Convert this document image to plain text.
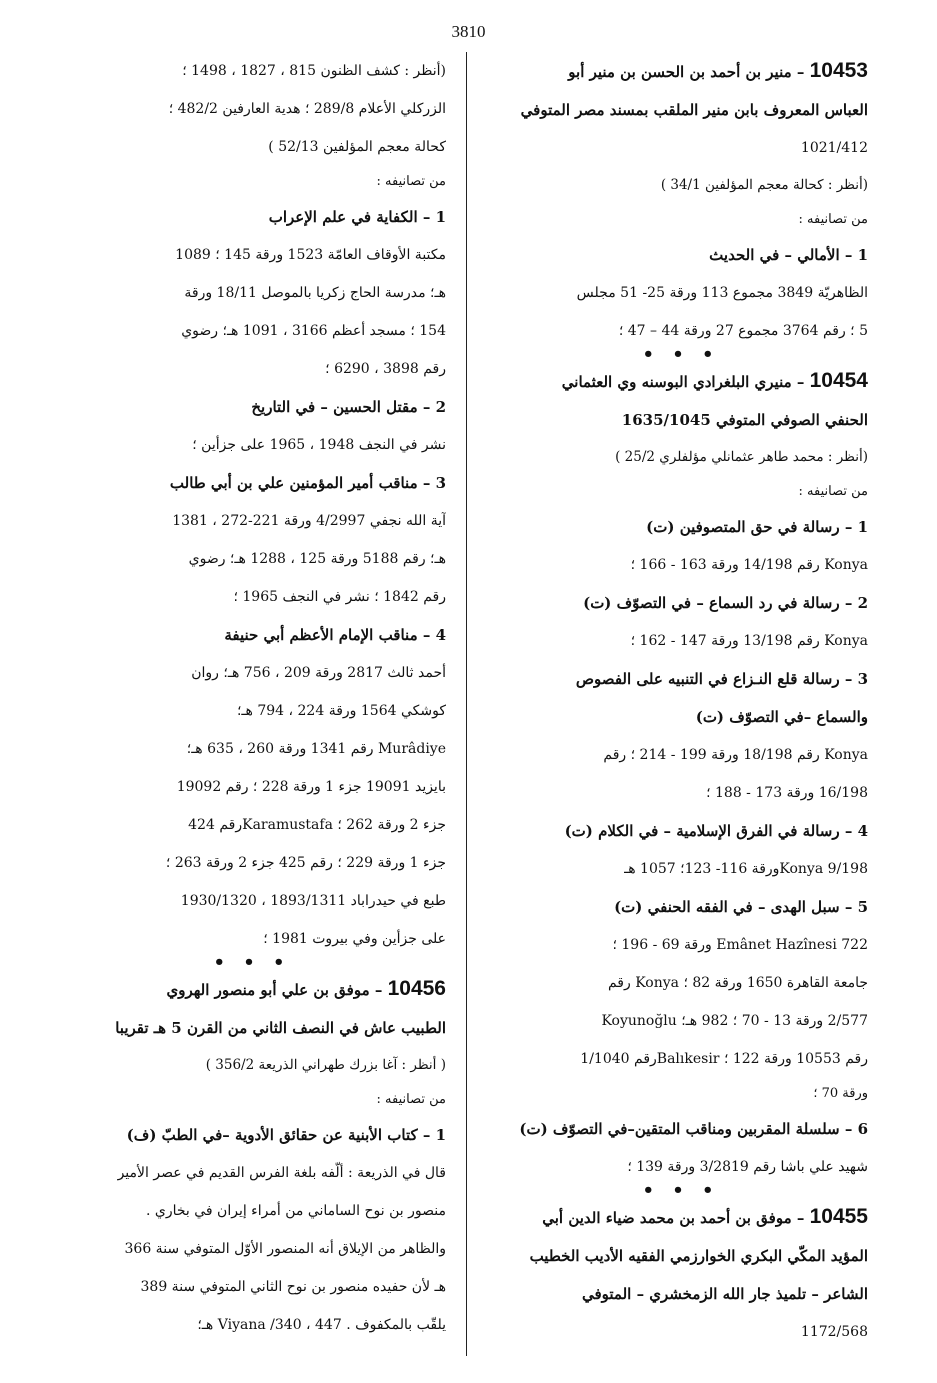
3810

10453 – منير بن أحمد بن الحسن بن منير أبو

العباس المعروف بابن منير الملقب بمسند مصر المتوفي

1021/412

(أنظر : كحالة معجم المؤلفين 34/1 )

من تصانيفه :

1 – الأمالي – في الحديث

الظاهريّة 3849 مجموع 113 ورقة 25- 51 مجلس

5 ؛ رقم 3764 مجموع 27 ورقة 44 – 47 ؛

• • •

10454 – منيري البلغرادي البوسنه وي العثماني

الحنفي الصوفي المتوفي 1635/1045

(أنظر : محمد طاهر عثمانلي مؤلفلري 25/2 )

من تصانيفه :

1 – رسالة في حق المتصوفين (ت)

Konya رقم 14/198 ورقة 163 - 166 ؛

2 – رسالة في رد السماع – في التصوّف (ت)

Konya رقم 13/198 ورقة 147 - 162 ؛

3 – رسالة قلع النـزاع في التنبيه على الفصوص

والسماع –في التصوّف (ت)

Konya رقم 18/198 ورقة 199 - 214 ؛ رقم

16/198 ورقة 173 - 188 ؛

4 – رسالة في الفرق الإسلامية – في الكلام (ت)

Konya 9/198ورقة 116- 123؛ 1057 هـ

5 – سبل الهدى – في الفقه الحنفي (ت)

722 Emânet Hazînesi ورقة 69 - 196 ؛

جامعة القاهرة 1650 ورقة 82 ؛ Konya رقم

2/577 ورقة 13 - 70 ؛ 982 هـ؛ Koyunoğlu

رقم 10553 ورقة 122 ؛ Balıkesirرقم 1/1040

ورقة 70 ؛

6 – سلسلة المقربين ومناقب المتقين–في التصوّف (ت)

شهيد علي باشا رقم 3/2819 ورقة 139 ؛

• • •

10455 – موفق بن أحمد بن محمد ضياء الدين أبي

المؤيد المكّي البكري الخوارزمي الفقيه الأديب الخطيب

الشاعر – تلميذ جار الله الزمخشري – المتوفي

1172/568

(أنظر : كشف الظنون 815 ، 1827 ، 1498 ؛

الزركلي الأعلام 289/8 ؛ هدية العارفين 482/2 ؛

كحالة معجم المؤلفين 52/13 )

من تصانيفه :

1 – الكفاية في علم الإعراب

مكتبة الأوقاف العامّة 1523 ورقة 145 ؛ 1089

هـ؛ مدرسة الحاج زكريا بالموصل 18/11 ورقة

154 ؛ مسجد أعظم 3166 ، 1091 هـ؛ رضوي

رقم 3898 ، 6290 ؛

2 – مقتل الحسين – في التاريخ

نشر في النجف 1948 ، 1965 على جزأين ؛

3 – مناقب أمير المؤمنين علي بن أبي طالب

آية الله نجفي 4/2997 ورقة 221-272 ، 1381

هـ؛ رقم 5188 ورقة 125 ، 1288 هـ؛ رضوي

رقم 1842 ؛ نشر في النجف 1965 ؛

4 – مناقب الإمام الأعظم أبي حنيفة

أحمد ثالث 2817 ورقة 209 ، 756 هـ؛ روان

كوشكي 1564 ورقة 224 ، 794 هـ؛

Murâdiye رقم 1341 ورقة 260 ، 635 هـ؛

بايزيد 19091 جزء 1 ورقة 228 ؛ رقم 19092

جزء 2 ورقة 262 ؛ Karamustafaرقم 424

جزء 1 ورقة 229 ؛ رقم 425 جزء 2 ورقة 263 ؛

طبع في حيدراباد 1893/1311 ، 1930/1320

على جزأين وفي بيروت 1981 ؛

• • •

10456 – موفق بن علي أبو منصور الهروي

الطبيب عاش في النصف الثاني من القرن 5 هـ تقريبا

( أنظر : آغا بزرك طهراني الذريعة 356/2 )

من تصانيفه :

1 – كتاب الأبنية عن حقائق الأدوية –في الطبّ (ف)

قال في الذريعة : ألّفه بلغة الفرس القديم في عصر الأمير

منصور بن نوح الساماني من أمراء إيران في بخاري .

والظاهر من الإيلاق أنه المنصور الأوّل المتوفي سنة 366

هـ لأن حفيده منصور بن نوح الثاني المتوفي سنة 389

يلقّب بالمكفوف . Viyana /340 ، 447 هـ؛
